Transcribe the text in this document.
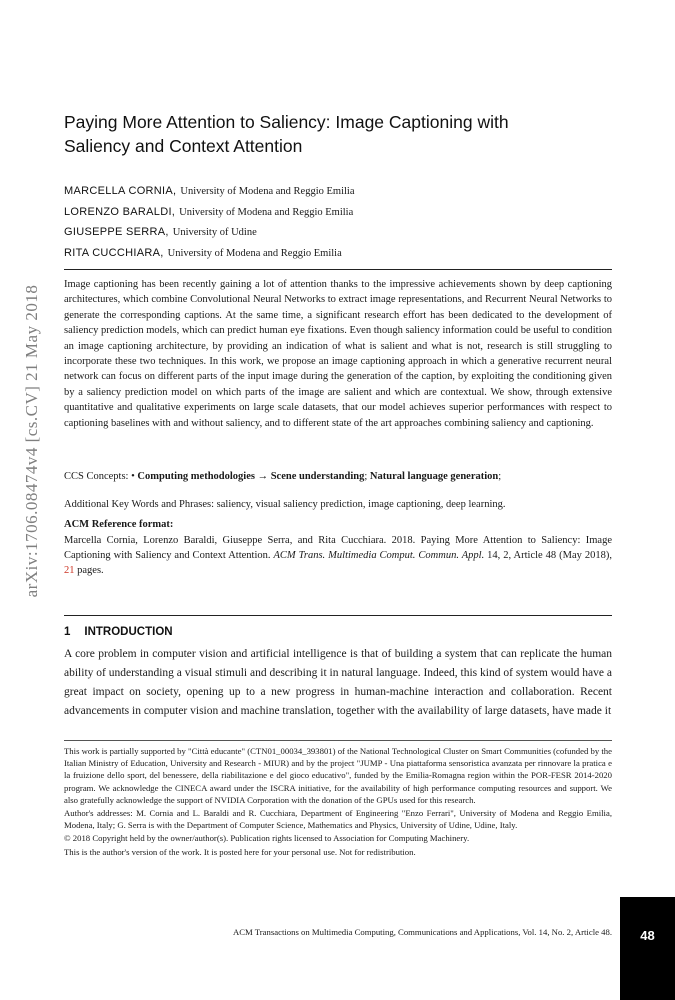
arXiv:1706.08474v4 [cs.CV] 21 May 2018
Paying More Attention to Saliency: Image Captioning with Saliency and Context Attention
MARCELLA CORNIA, University of Modena and Reggio Emilia
LORENZO BARALDI, University of Modena and Reggio Emilia
GIUSEPPE SERRA, University of Udine
RITA CUCCHIARA, University of Modena and Reggio Emilia

Image captioning has been recently gaining a lot of attention thanks to the impressive achievements shown by deep captioning architectures, which combine Convolutional Neural Networks to extract image representations, and Recurrent Neural Networks to generate the corresponding captions. At the same time, a significant research effort has been dedicated to the development of saliency prediction models, which can predict human eye fixations. Even though saliency information could be useful to condition an image captioning architecture, by providing an indication of what is salient and what is not, research is still struggling to incorporate these two techniques. In this work, we propose an image captioning approach in which a generative recurrent neural network can focus on different parts of the input image during the generation of the caption, by exploiting the conditioning given by a saliency prediction model on which parts of the image are salient and which are contextual. We show, through extensive quantitative and qualitative experiments on large scale datasets, that our model achieves superior performances with respect to captioning baselines with and without saliency, and to different state of the art approaches combining saliency and captioning.

CCS Concepts: • Computing methodologies → Scene understanding; Natural language generation;

Additional Key Words and Phrases: saliency, visual saliency prediction, image captioning, deep learning.

ACM Reference format:

Marcella Cornia, Lorenzo Baraldi, Giuseppe Serra, and Rita Cucchiara. 2018. Paying More Attention to Saliency: Image Captioning with Saliency and Context Attention. ACM Trans. Multimedia Comput. Commun. Appl. 14, 2, Article 48 (May 2018), 21 pages.

1 INTRODUCTION

A core problem in computer vision and artificial intelligence is that of building a system that can replicate the human ability of understanding a visual stimuli and describing it in natural language. Indeed, this kind of system would have a great impact on society, opening up to a new progress in human-machine interaction and collaboration. Recent advancements in computer vision and machine translation, together with the availability of large datasets, have made it

This work is partially supported by "Città educante" (CTN01_00034_393801) of the National Technological Cluster on Smart Communities (cofunded by the Italian Ministry of Education, University and Research - MIUR) and by the project "JUMP - Una piattaforma sensoristica avanzata per rinnovare la pratica e la fruizione dello sport, del benessere, della riabilitazione e del gioco educativo", funded by the Emilia-Romagna region within the POR-FESR 2014-2020 program. We acknowledge the CINECA award under the ISCRA initiative, for the availability of high performance computing resources and support. We also gratefully acknowledge the support of NVIDIA Corporation with the donation of the GPUs used for this research.

Author's addresses: M. Cornia and L. Baraldi and R. Cucchiara, Department of Engineering "Enzo Ferrari", University of Modena and Reggio Emilia, Modena, Italy; G. Serra is with the Department of Computer Science, Mathematics and Physics, University of Udine, Udine, Italy.

© 2018 Copyright held by the owner/author(s). Publication rights licensed to Association for Computing Machinery.

This is the author's version of the work. It is posted here for your personal use. Not for redistribution.

ACM Transactions on Multimedia Computing, Communications and Applications, Vol. 14, No. 2, Article 48.	48
